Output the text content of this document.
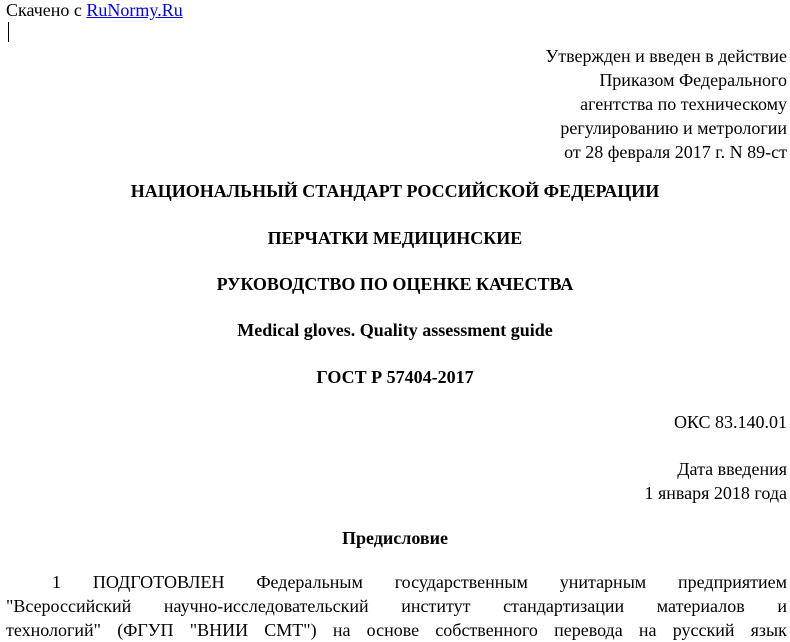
Скачено с RuNormy.Ru
Утвержден и введен в действие
Приказом Федерального
агентства по техническому
регулированию и метрологии
от 28 февраля 2017 г. N 89-ст
НАЦИОНАЛЬНЫЙ СТАНДАРТ РОССИЙСКОЙ ФЕДЕРАЦИИ
ПЕРЧАТКИ МЕДИЦИНСКИЕ
РУКОВОДСТВО ПО ОЦЕНКЕ КАЧЕСТВА
Medical gloves. Quality assessment guide
ГОСТ Р 57404-2017
ОКС 83.140.01
Дата введения
1 января 2018 года
Предисловие
1 ПОДГОТОВЛЕН Федеральным государственным унитарным предприятием
"Всероссийский научно-исследовательский институт стандартизации материалов и
технологий" (ФГУП "ВНИИ СМТ") на основе собственного перевода на русский язык
